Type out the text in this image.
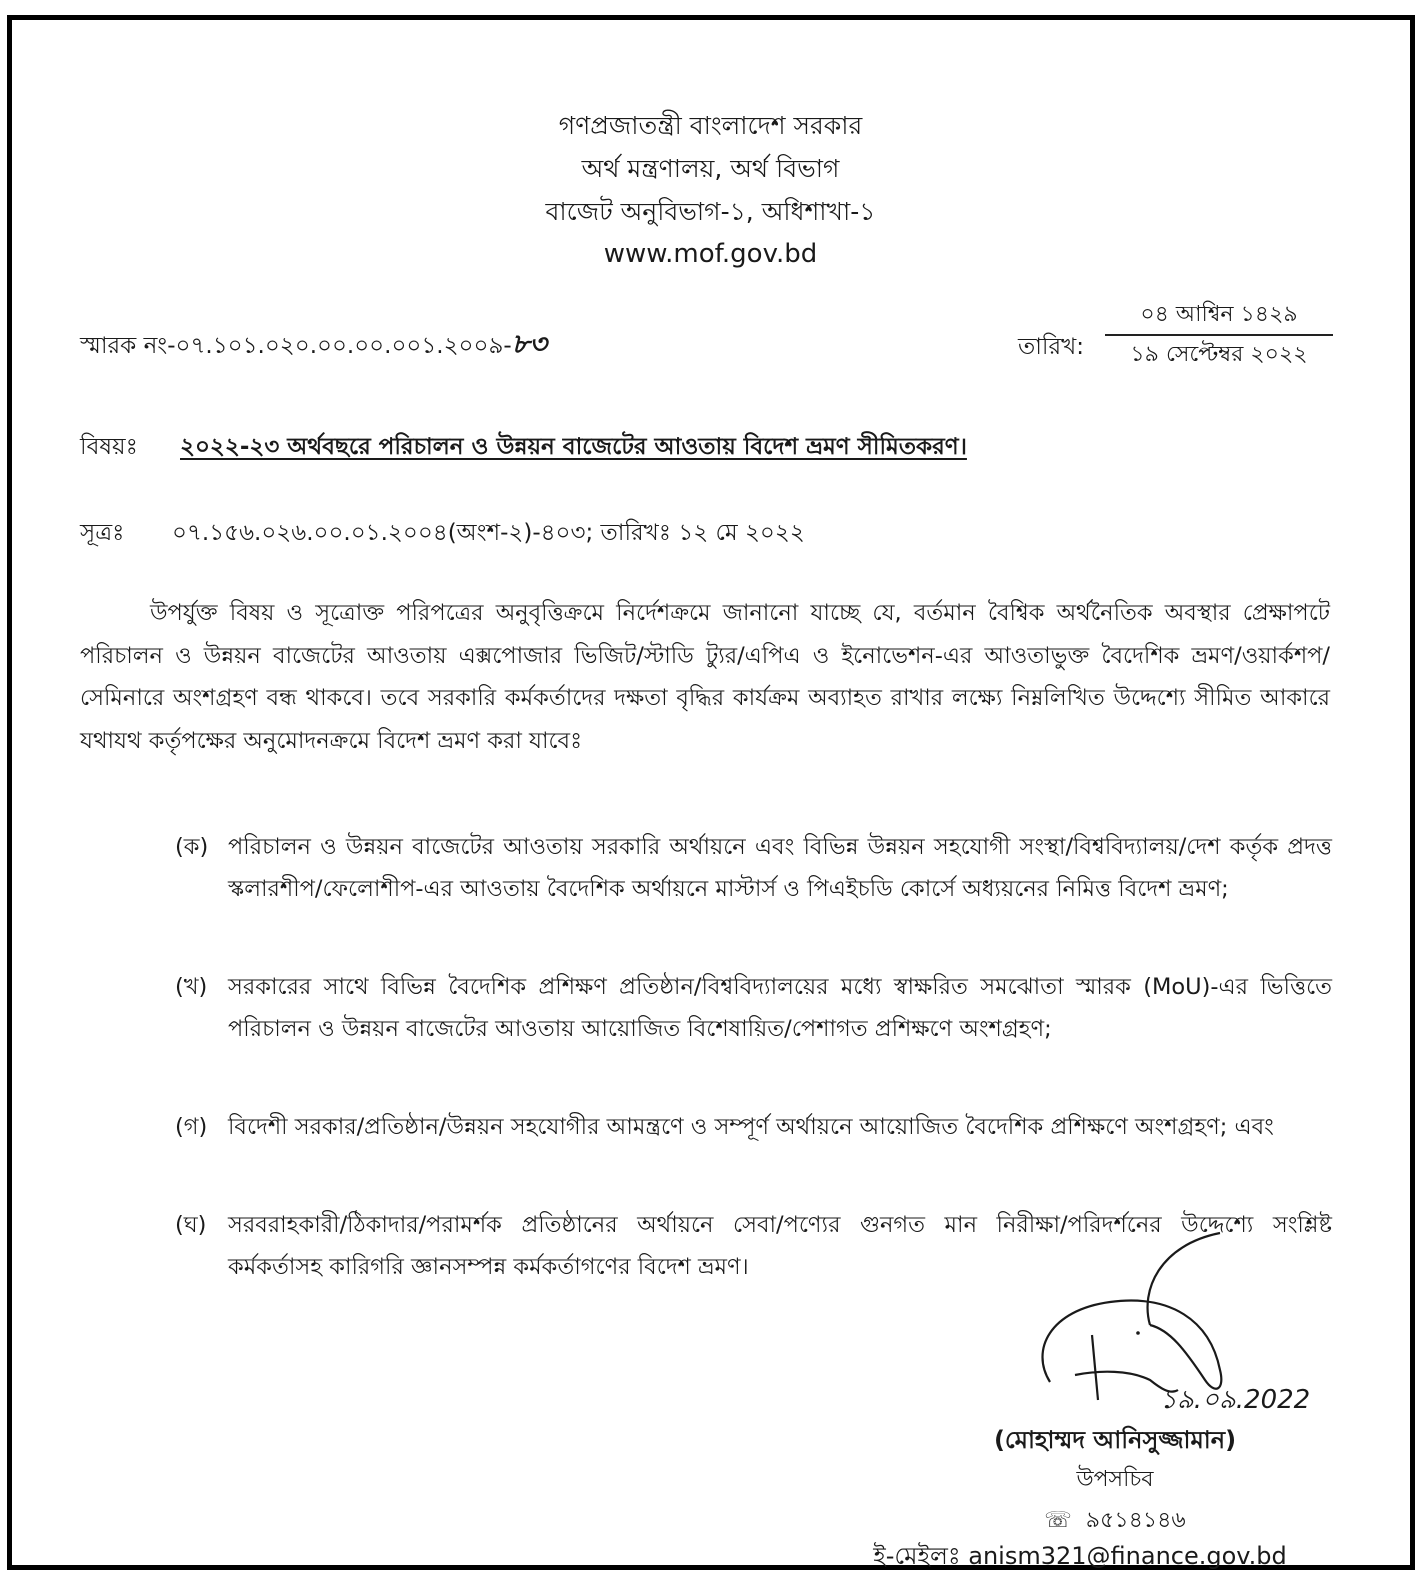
গণপ্রজাতন্ত্রী বাংলাদেশ সরকার
অর্থ মন্ত্রণালয়, অর্থ বিভাগ
বাজেট অনুবিভাগ-১, অধিশাখা-১
www.mof.gov.bd
স্মারক নং-০৭.১০১.০২০.০০.০০.০০১.২০০৯-৮৩	তারিখ:
০৪ আশ্বিন ১৪২৯
১৯ সেপ্টেম্বর ২০২২
বিষয়ঃ ২০২২-২৩ অর্থবছরে পরিচালন ও উন্নয়ন বাজেটের আওতায় বিদেশ ভ্রমণ সীমিতকরণ।
সূত্রঃ ০৭.১৫৬.০২৬.০০.০১.২০০৪(অংশ-২)-৪০৩; তারিখঃ ১২ মে ২০২২
উপর্যুক্ত বিষয় ও সূত্রোক্ত পরিপত্রের অনুবৃত্তিক্রমে নির্দেশক্রমে জানানো যাচ্ছে যে, বর্তমান বৈশ্বিক অর্থনৈতিক অবস্থার প্রেক্ষাপটে পরিচালন ও উন্নয়ন বাজেটের আওতায় এক্সপোজার ভিজিট/স্টাডি ট্যুর/এপিএ ও ইনোভেশন-এর আওতাভুক্ত বৈদেশিক ভ্রমণ/ওয়ার্কশপ/সেমিনারে অংশগ্রহণ বন্ধ থাকবে। তবে সরকারি কর্মকর্তাদের দক্ষতা বৃদ্ধির কার্যক্রম অব্যাহত রাখার লক্ষ্যে নিম্নলিখিত উদ্দেশ্যে সীমিত আকারে যথাযথ কর্তৃপক্ষের অনুমোদনক্রমে বিদেশ ভ্রমণ করা যাবেঃ
(ক) পরিচালন ও উন্নয়ন বাজেটের আওতায় সরকারি অর্থায়নে এবং বিভিন্ন উন্নয়ন সহযোগী সংস্থা/বিশ্ববিদ্যালয়/দেশ কর্তৃক প্রদত্ত স্কলারশীপ/ফেলোশীপ-এর আওতায় বৈদেশিক অর্থায়নে মাস্টার্স ও পিএইচডি কোর্সে অধ্যয়নের নিমিত্ত বিদেশ ভ্রমণ;
(খ) সরকারের সাথে বিভিন্ন বৈদেশিক প্রশিক্ষণ প্রতিষ্ঠান/বিশ্ববিদ্যালয়ের মধ্যে স্বাক্ষরিত সমঝোতা স্মারক (MoU)-এর ভিত্তিতে পরিচালন ও উন্নয়ন বাজেটের আওতায় আয়োজিত বিশেষায়িত/পেশাগত প্রশিক্ষণে অংশগ্রহণ;
(গ) বিদেশী সরকার/প্রতিষ্ঠান/উন্নয়ন সহযোগীর আমন্ত্রণে ও সম্পূর্ণ অর্থায়নে আয়োজিত বৈদেশিক প্রশিক্ষণে অংশগ্রহণ; এবং
(ঘ) সরবরাহকারী/ঠিকাদার/পরামর্শক প্রতিষ্ঠানের অর্থায়নে সেবা/পণ্যের গুনগত মান নিরীক্ষা/পরিদর্শনের উদ্দেশ্যে সংশ্লিষ্ট কর্মকর্তাসহ কারিগরি জ্ঞানসম্পন্ন কর্মকর্তাগণের বিদেশ ভ্রমণ।
১৯.০৯.2022
(মোহাম্মদ আনিসুজ্জামান)
উপসচিব
☏ ৯৫১৪১৪৬
ই-মেইলঃ anism321@finance.gov.bd
